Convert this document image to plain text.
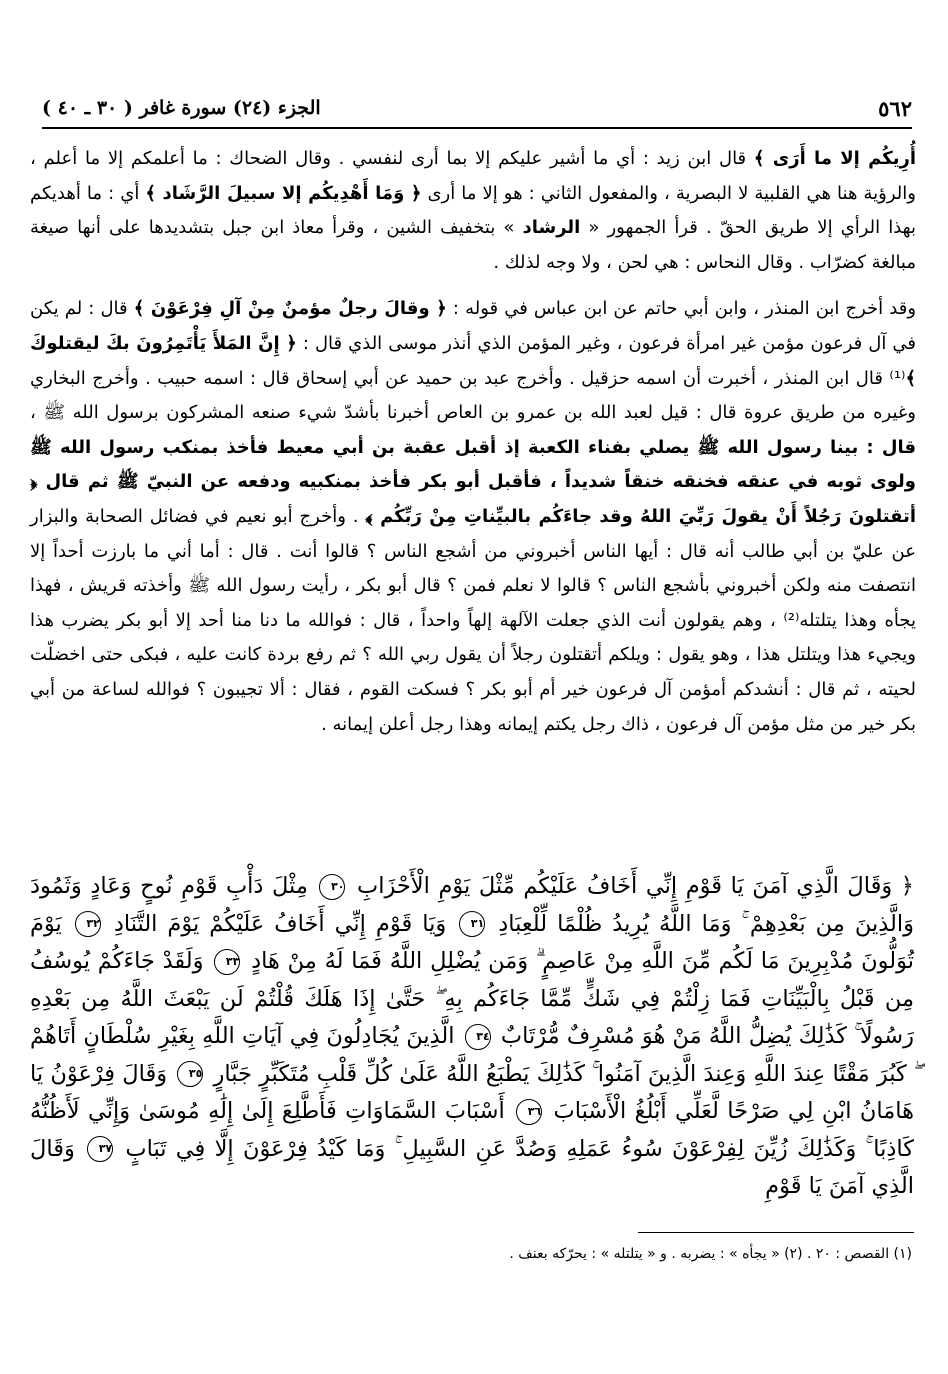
٥٦٢
الجزء (٢٤) سورة غافر ( ٣٠ ـ ٤٠ )

أُرِيكُم إلا ما أَرَى ﴾ قال ابن زيد : أي ما أشير عليكم إلا بما أرى لنفسي . وقال الضحاك : ما أعلمكم إلا ما أعلم ، والرؤية هنا هي القلبية لا البصرية ، والمفعول الثاني : هو إلا ما أرى ﴿ وَمَا أَهْدِيكُم إلا سبيلَ الرَّشَاد ﴾ أي : ما أهديكم بهذا الرأي إلا طريق الحقّ . قرأ الجمهور « الرشاد » بتخفيف الشين ، وقرأ معاذ ابن جبل بتشديدها على أنها صيغة مبالغة كضرّاب . وقال النحاس : هي لحن ، ولا وجه لذلك .

وقد أخرج ابن المنذر ، وابن أبي حاتم عن ابن عباس في قوله : ﴿ وقالَ رجلٌ مؤمنٌ مِنْ آلِ فِرْعَوْنَ ﴾ قال : لم يكن في آل فرعون مؤمن غير امرأة فرعون ، وغير المؤمن الذي أنذر موسى الذي قال : ﴿ إِنَّ المَلأَ يَأْتَمِرُونَ بكَ ليقتلوكَ ﴾⁽¹⁾ قال ابن المنذر ، أخبرت أن اسمه حزقيل . وأخرج عبد بن حميد عن أبي إسحاق قال : اسمه حبيب . وأخرج البخاري وغيره من طريق عروة قال : قيل لعبد الله بن عمرو بن العاص أخبرنا بأشدّ شيء صنعه المشركون برسول الله ﷺ ، قال : بينا رسول الله ﷺ يصلي بفناء الكعبة إذ أقبل عقبة بن أبي معيط فأخذ بمنكب رسول الله ﷺ ولوى ثوبه في عنقه فخنقه خنقاً شديداً ، فأقبل أبو بكر فأخذ بمنكبيه ودفعه عن النبيّ ﷺ ثم قال ﴿ أتقتلونَ رَجُلاً أَنْ يقولَ رَبِّيَ اللهُ وقد جاءَكُم بالبيِّناتِ مِنْ رَبِّكُم ﴾ . وأخرج أبو نعيم في فضائل الصحابة والبزار عن عليّ بن أبي طالب أنه قال : أيها الناس أخبروني من أشجع الناس ؟ قالوا أنت . قال : أما أني ما بارزت أحداً إلا انتصفت منه ولكن أخبروني بأشجع الناس ؟ قالوا لا نعلم فمن ؟ قال أبو بكر ، رأيت رسول الله ﷺ وأخذته قريش ، فهذا يجأه وهذا يتلتله⁽²⁾ ، وهم يقولون أنت الذي جعلت الآلهة إلهاً واحداً ، قال : فوالله ما دنا منا أحد إلا أبو بكر يضرب هذا ويجيء هذا ويتلتل هذا ، وهو يقول : ويلكم أتقتلون رجلاً أن يقول ربي الله ؟ ثم رفع بردة كانت عليه ، فبكى حتى اخضلّت لحيته ، ثم قال : أنشدكم أمؤمن آل فرعون خير أم أبو بكر ؟ فسكت القوم ، فقال : ألا تجيبون ؟ فوالله لساعة من أبي بكر خير من مثل مؤمن آل فرعون ، ذاك رجل يكتم إيمانه وهذا رجل أعلن إيمانه .

﴿ وَقَالَ الَّذِي آمَنَ يَا قَوْمِ إِنِّي أَخَافُ عَلَيْكُم مِّثْلَ يَوْمِ الْأَحْزَابِ ٣٠ مِثْلَ دَأْبِ قَوْمِ نُوحٍ وَعَادٍ وَثَمُودَ وَالَّذِينَ مِن بَعْدِهِمْ ۚ وَمَا اللَّهُ يُرِيدُ ظُلْمًا لِّلْعِبَادِ ٣١ وَيَا قَوْمِ إِنِّي أَخَافُ عَلَيْكُمْ يَوْمَ التَّنَادِ ٣٢ يَوْمَ تُوَلُّونَ مُدْبِرِينَ مَا لَكُم مِّنَ اللَّهِ مِنْ عَاصِمٍ ۗ وَمَن يُضْلِلِ اللَّهُ فَمَا لَهُ مِنْ هَادٍ ٣٣ وَلَقَدْ جَاءَكُمْ يُوسُفُ مِن قَبْلُ بِالْبَيِّنَاتِ فَمَا زِلْتُمْ فِي شَكٍّ مِّمَّا جَاءَكُم بِهِ ۖ حَتَّىٰ إِذَا هَلَكَ قُلْتُمْ لَن يَبْعَثَ اللَّهُ مِن بَعْدِهِ رَسُولًا ۚ كَذَٰلِكَ يُضِلُّ اللَّهُ مَنْ هُوَ مُسْرِفٌ مُّرْتَابٌ ٣٤ الَّذِينَ يُجَادِلُونَ فِي آيَاتِ اللَّهِ بِغَيْرِ سُلْطَانٍ أَتَاهُمْ ۖ كَبُرَ مَقْتًا عِندَ اللَّهِ وَعِندَ الَّذِينَ آمَنُوا ۚ كَذَٰلِكَ يَطْبَعُ اللَّهُ عَلَىٰ كُلِّ قَلْبِ مُتَكَبِّرٍ جَبَّارٍ ٣٥ وَقَالَ فِرْعَوْنُ يَا هَامَانُ ابْنِ لِي صَرْحًا لَّعَلِّي أَبْلُغُ الْأَسْبَابَ ٣٦ أَسْبَابَ السَّمَاوَاتِ فَأَطَّلِعَ إِلَىٰ إِلَٰهِ مُوسَىٰ وَإِنِّي لَأَظُنُّهُ كَاذِبًا ۚ وَكَذَٰلِكَ زُيِّنَ لِفِرْعَوْنَ سُوءُ عَمَلِهِ وَصُدَّ عَنِ السَّبِيلِ ۚ وَمَا كَيْدُ فِرْعَوْنَ إِلَّا فِي تَبَابٍ ٣٧ وَقَالَ الَّذِي آمَنَ يَا قَوْمِ

(١) القصص : ٢٠ . (٢) « يجأه » : يضربه . و « يتلتله » : يحرّكه بعنف .
